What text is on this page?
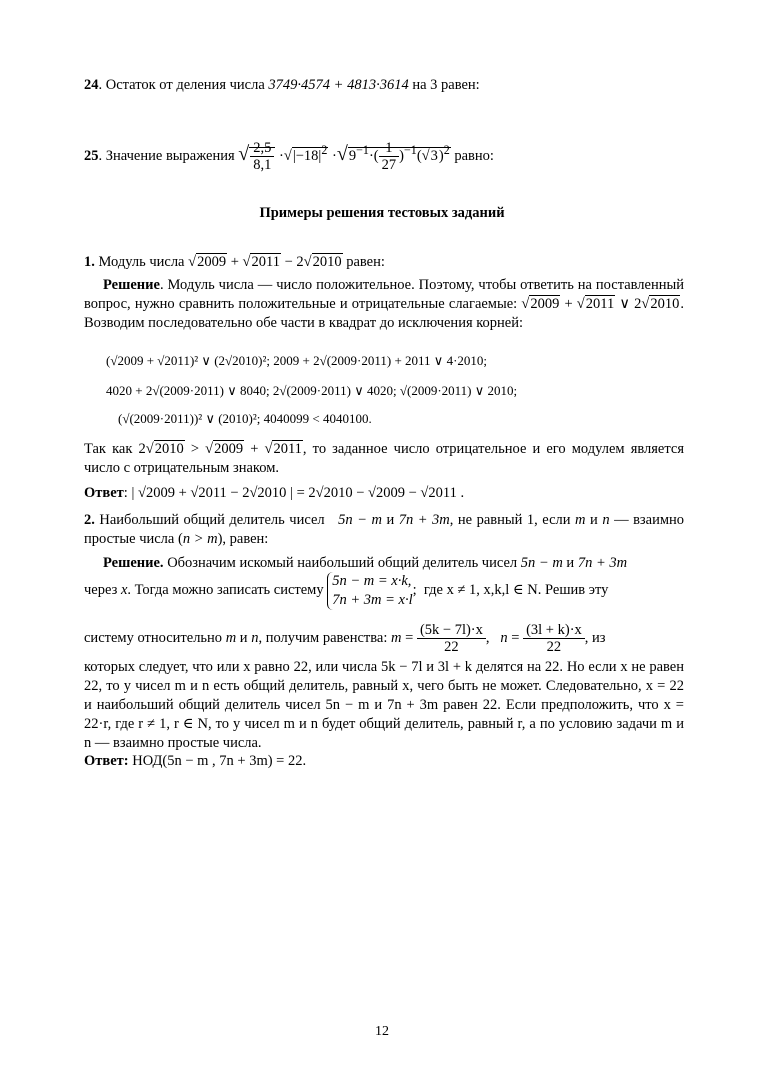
24. Остаток от деления числа 3749·4574 + 4813·3614 на 3 равен:
25. Значение выражения √ $\frac{2,5}{8,1} \cdot√|-18|^2 \cdot√9^{-1}\cdot( \frac{1}{27} )^{-1}(√3)^2$ равно:
Примеры решения тестовых заданий
1. Модуль числа √2009 + √2011 − 2√2010 равен:
Решение. Модуль числа — число положительное. Поэтому, чтобы ответить на поставленный вопрос, нужно сравнить положительные и отрицательные слагаемые: √2009 + √2011 ∨ 2√2010. Возводим последовательно обе части в квадрат до исключения корней:
(√2009 + √2011)² ∨ (2√2010)²; 2009 + 2√(2009·2011) + 2011 ∨ 4·2010;
4020 + 2√(2009·2011) ∨ 8040; 2√(2009·2011) ∨ 4020; √(2009·2011) ∨ 2010;
(√(2009·2011))² ∨ (2010)²; 4040099 < 4040100.
Так как 2√2010 > √2009 + √2011, то заданное число отрицательное и его модулем является число с отрицательным знаком.
Ответ: | √2009 + √2011 − 2√2010 | = 2√2010 − √2009 − √2011 .
2. Наибольший общий делитель чисел 5n − m и 7n + 3m, не равный 1, если m и n — взаимно простые числа (n > m), равен:
Решение. Обозначим искомый наибольший общий делитель чисел 5n − m и 7n + 3m
через x. Тогда можно записать систему
5n − m = x·k,
7n + 3m = x·l
;  где x ≠ 1, x,k,l ∈ N. Решив эту
систему относительно m и n, получим равенства: $m = \frac{(5k - 7l)\cdot x}{22}$ ,   $n = \frac{(3l + k)\cdot x}{22}$ , из
которых следует, что или x равно 22, или числа 5k − 7l и 3l + k делятся на 22. Но если x не равен 22, то у чисел m и n есть общий делитель, равный x, чего быть не может. Следовательно, x = 22 и наибольший общий делитель чисел 5n − m и 7n + 3m равен 22. Если предположить, что x = 22·r, где r ≠ 1, r ∈ N, то у чисел m и n будет общий делитель, равный r, а по условию задачи m и n — взаимно простые числа.
Ответ: НОД(5n − m , 7n + 3m) = 22.
12
